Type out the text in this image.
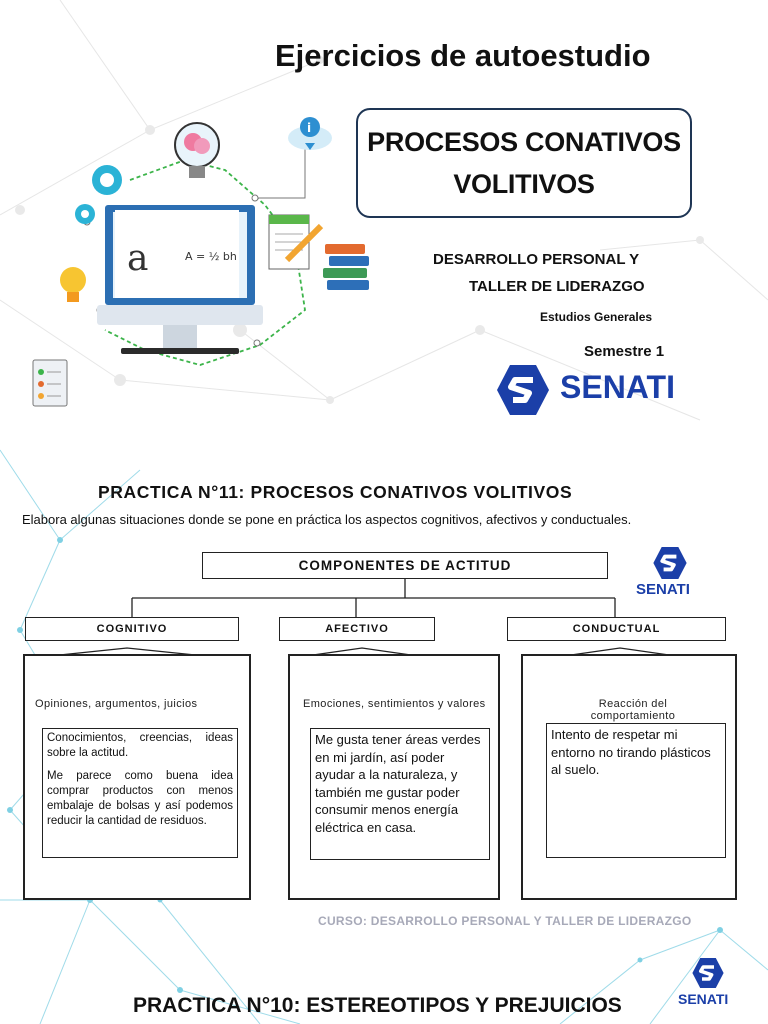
Ejercicios de autoestudio
a	A = ½ bh
i PROCESOS CONATIVOS
VOLITIVOS
DESARROLLO PERSONAL Y
TALLER DE LIDERAZGO
Estudios Generales
Semestre 1
SENATI
PRACTICA N°11: PROCESOS CONATIVOS VOLITIVOS
Elabora algunas situaciones donde se pone en práctica los aspectos cognitivos, afectivos y conductuales.
COMPONENTES DE ACTITUD
COGNITIVO	AFECTIVO	CONDUCTUAL
Opiniones, argumentos, juicios

Conocimientos, creencias, ideas sobre la actitud.

Me parece como buena idea comprar productos con menos embalaje de bolsas y así podemos reducir la cantidad de residuos.

Emociones, sentimientos y valores

Me gusta tener áreas verdes en mi jardín, así poder ayudar a la naturaleza, y también me gustar poder consumir menos energía eléctrica en casa.

Reacción del comportamiento

Intento de respetar mi entorno no tirando plásticos al suelo.

SENATI
CURSO: DESARROLLO PERSONAL Y TALLER DE LIDERAZGO
PRACTICA N°10: ESTEREOTIPOS Y PREJUICIOS	SENATI
